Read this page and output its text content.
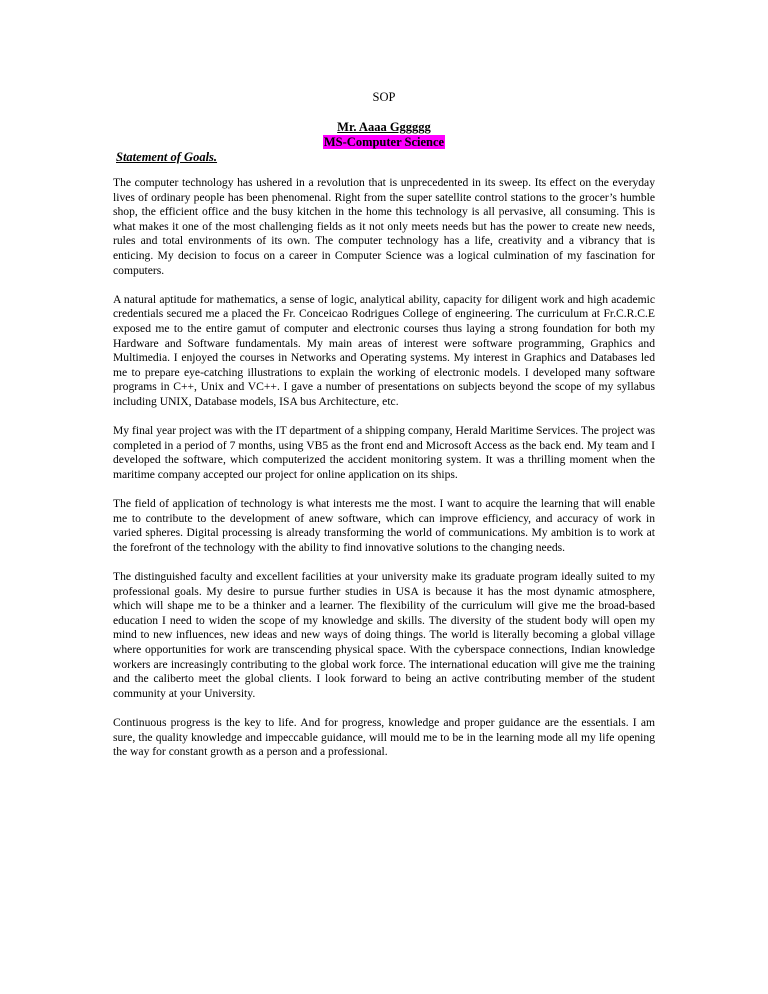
SOP
Mr. Aaaa Gggggg
MS-Computer Science
Statement of Goals.

The computer technology has ushered in a revolution that is unprecedented in its sweep. Its effect on the everyday lives of ordinary people has been phenomenal. Right from the super satellite control stations to the grocer’s humble shop, the efficient office and the busy kitchen in the home this technology is all pervasive, all consuming. This is what makes it one of the most challenging fields as it not only meets needs but has the power to create new needs, rules and total environments of its own. The computer technology has a life, creativity and a vibrancy that is enticing. My decision to focus on a career in Computer Science was a logical culmination of my fascination for computers.

A natural aptitude for mathematics, a sense of logic, analytical ability, capacity for diligent work and high academic credentials secured me a placed the Fr. Conceicao Rodrigues College of engineering. The curriculum at Fr.C.R.C.E exposed me to the entire gamut of computer and electronic courses thus laying a strong foundation for both my Hardware and Software fundamentals. My main areas of interest were software programming, Graphics and Multimedia. I enjoyed the courses in Networks and Operating systems. My interest in Graphics and Databases led me to prepare eye-catching illustrations to explain the working of electronic models. I developed many software programs in C++, Unix and VC++. I gave a number of presentations on subjects beyond the scope of my syllabus including UNIX, Database models, ISA bus Architecture, etc.

My final year project was with the IT department of a shipping company, Herald Maritime Services. The project was completed in a period of 7 months, using VB5 as the front end and Microsoft Access as the back end. My team and I developed the software, which computerized the accident monitoring system. It was a thrilling moment when the maritime company accepted our project for online application on its ships.

The field of application of technology is what interests me the most. I want to acquire the learning that will enable me to contribute to the development of anew software, which can improve efficiency, and accuracy of work in varied spheres. Digital processing is already transforming the world of communications. My ambition is to work at the forefront of the technology with the ability to find innovative solutions to the changing needs.

The distinguished faculty and excellent facilities at your university make its graduate program ideally suited to my professional goals. My desire to pursue further studies in USA is because it has the most dynamic atmosphere, which will shape me to be a thinker and a learner. The flexibility of the curriculum will give me the broad-based education I need to widen the scope of my knowledge and skills. The diversity of the student body will open my mind to new influences, new ideas and new ways of doing things. The world is literally becoming a global village where opportunities for work are transcending physical space. With the cyberspace connections, Indian knowledge workers are increasingly contributing to the global work force. The international education will give me the training and the caliberto meet the global clients. I look forward to being an active contributing member of the student community at your University.

Continuous progress is the key to life. And for progress, knowledge and proper guidance are the essentials. I am sure, the quality knowledge and impeccable guidance, will mould me to be in the learning mode all my life opening the way for constant growth as a person and a professional.
